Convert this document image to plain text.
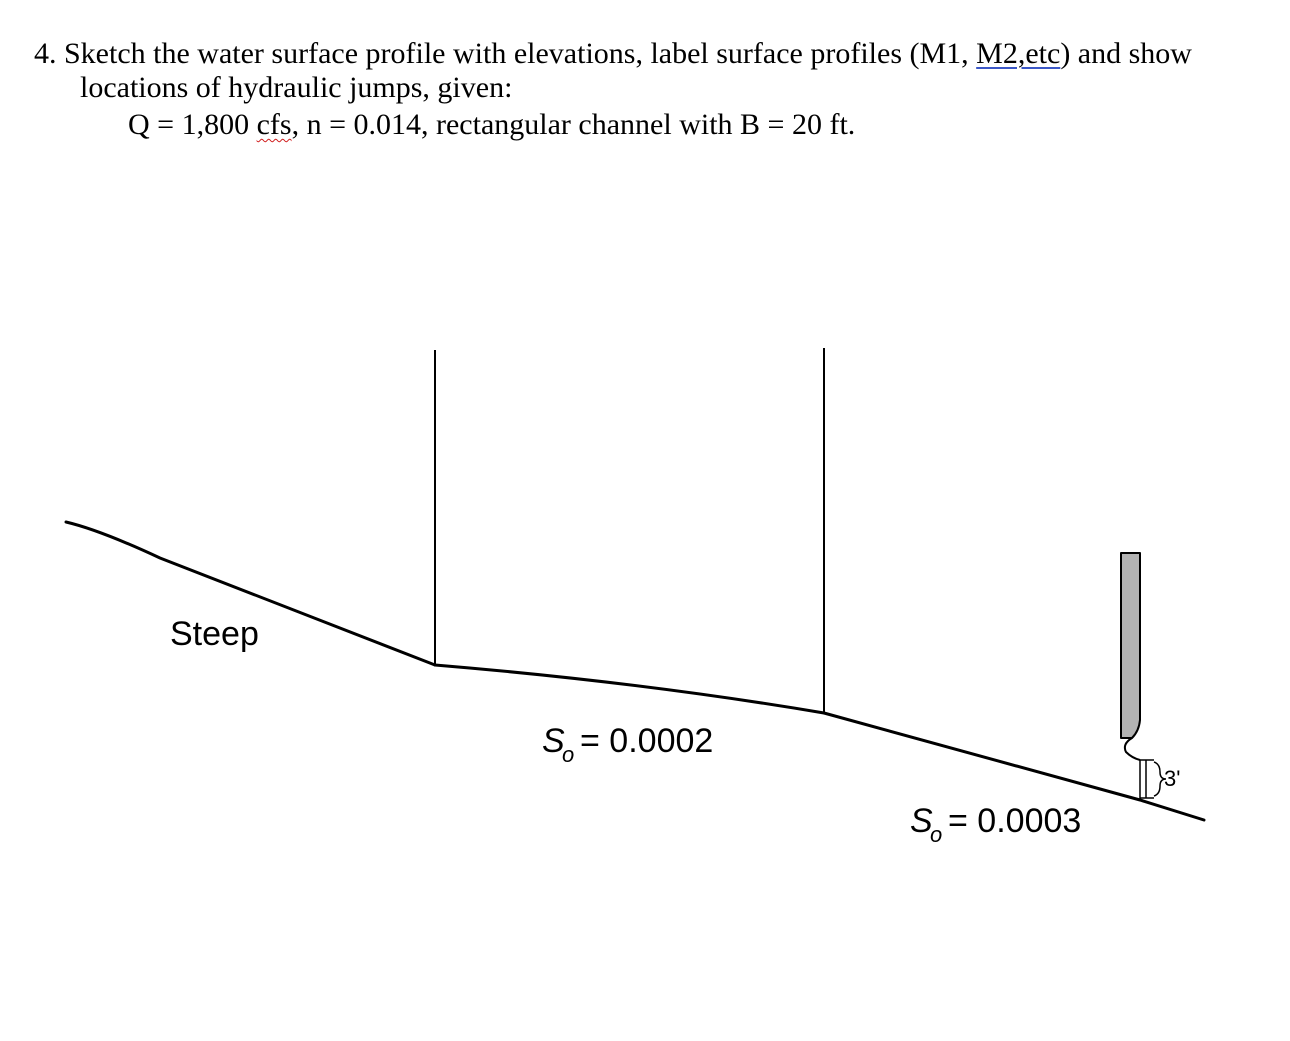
4. Sketch the water surface profile with elevations, label surface profiles (M1, M2,etc) and show
locations of hydraulic jumps, given:
Q = 1,800 cfs, n = 0.014, rectangular channel with B = 20 ft.
3'
Steep
S
o = 0.0002
S
o = 0.0003
